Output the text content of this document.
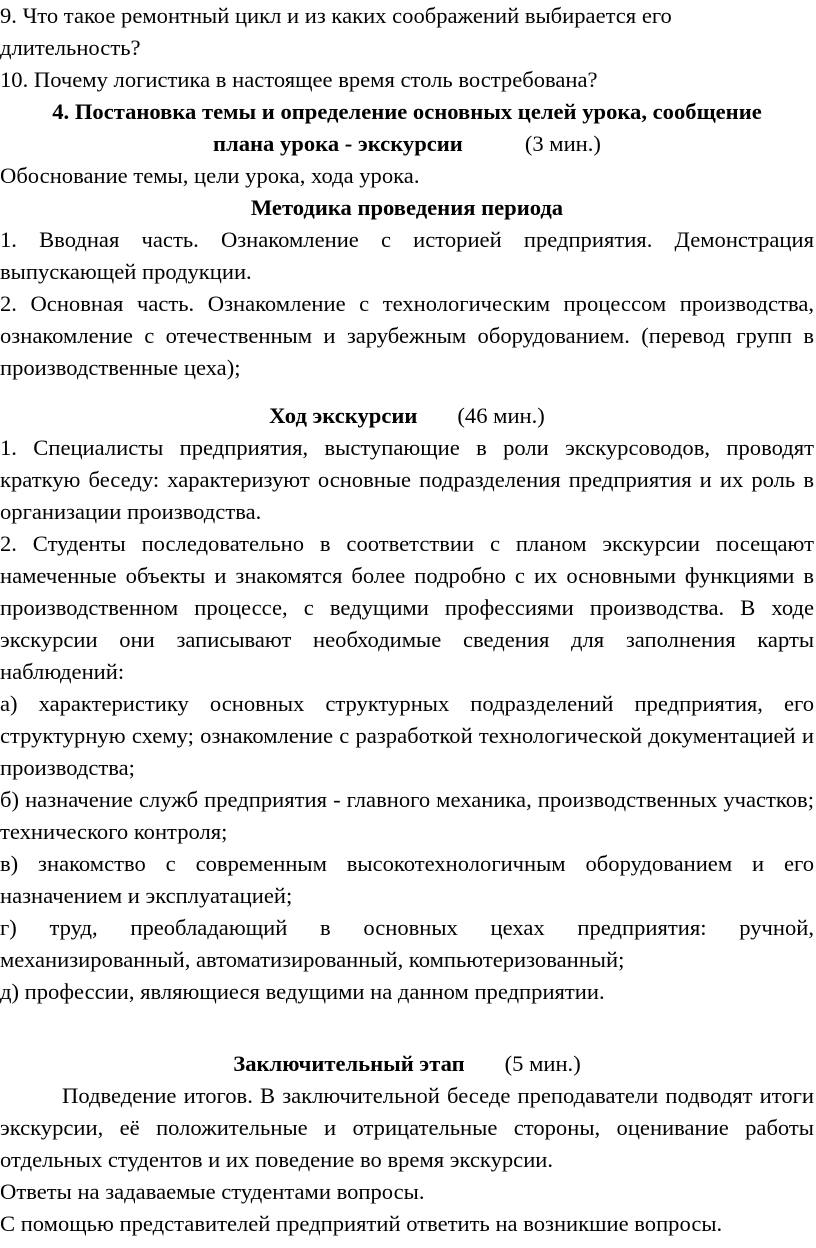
9. Что такое ремонтный цикл и из каких соображений выбирается его длительность?

10. Почему логистика в настоящее время столь востребована?

4. Постановка темы и определение основных целей урока, сообщение

плана урока - экскурсии	(3 мин.)

Обоснование темы, цели урока, хода урока.

Методика проведения периода

1. Вводная часть. Ознакомление с историей предприятия. Демонстрация выпускающей продукции.

2. Основная часть. Ознакомление с технологическим процессом производства, ознакомление с отечественным и зарубежным оборудованием. (перевод групп в производственные цеха);

Ход экскурсии (46 мин.)

1. Специалисты предприятия, выступающие в роли экскурсоводов, проводят краткую беседу: характеризуют основные подразделения предприятия и их роль в организации производства.

2. Студенты последовательно в соответствии с планом экскурсии посещают намеченные объекты и знакомятся более подробно с их основными функциями в производственном процессе, с ведущими профессиями производства. В ходе экскурсии они записывают необходимые сведения для заполнения карты наблюдений:

а) характеристику основных структурных подразделений предприятия, его структурную схему; ознакомление с разработкой технологической документацией и производства;

б) назначение служб предприятия - главного механика, производственных участков; технического контроля;

в) знакомство с современным высокотехнологичным оборудованием и его назначением и эксплуатацией;

г) труд, преобладающий в основных цехах предприятия: ручной, механизированный, автоматизированный, компьютеризованный;

д) профессии, являющиеся ведущими на данном предприятии.

Заключительный этап (5 мин.)

Подведение итогов. В заключительной беседе преподаватели подводят итоги экскурсии, её положительные и отрицательные стороны, оценивание работы отдельных студентов и их поведение во время экскурсии.

Ответы на задаваемые студентами вопросы.

С помощью представителей предприятий ответить на возникшие вопросы.
